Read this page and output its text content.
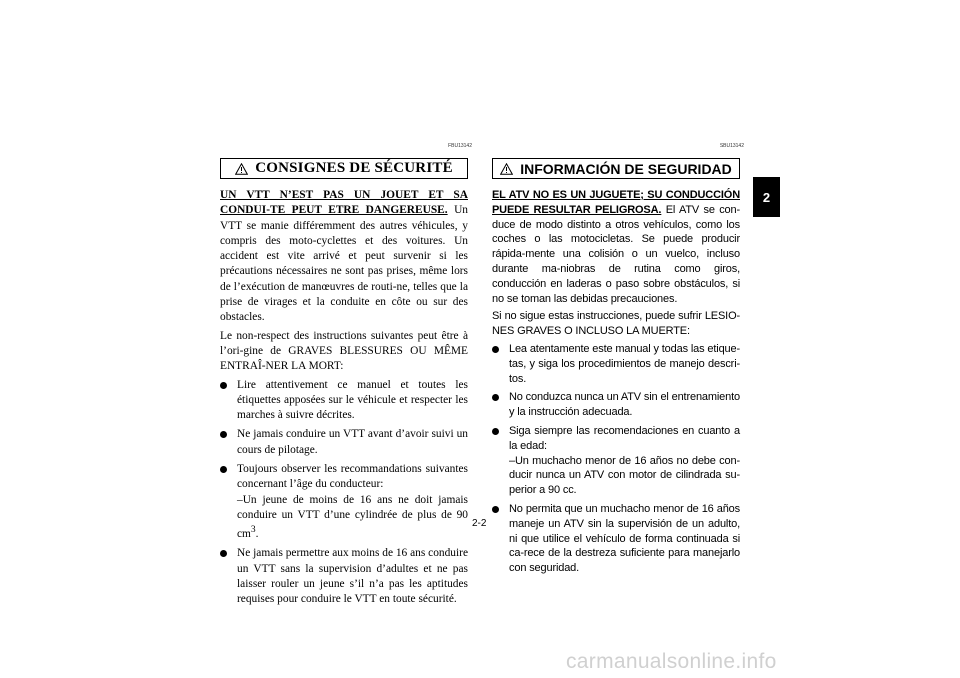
FBU13142
CONSIGNES DE SÉCURITÉ

UN VTT N’EST PAS UN JOUET ET SA CONDUI-TE PEUT ETRE DANGEREUSE. Un VTT se manie différemment des autres véhicules, y compris des moto-cyclettes et des voitures. Un accident est vite arrivé et peut survenir si les précautions nécessaires ne sont pas prises, même lors de l’exécution de manœuvres de routi-ne, telles que la prise de virages et la conduite en côte ou sur des obstacles.

Le non-respect des instructions suivantes peut être à l’ori-gine de GRAVES BLESSURES OU MÊME ENTRAÎ-NER LA MORT:

Lire attentivement ce manuel et toutes les étiquettes apposées sur le véhicule et respecter les marches à suivre décrites.
Ne jamais conduire un VTT avant d’avoir suivi un cours de pilotage.
Toujours observer les recommandations suivantes concernant l’âge du conducteur:
–Un jeune de moins de 16 ans ne doit jamais conduire un VTT d’une cylindrée de plus de 90 $cm^3$.
Ne jamais permettre aux moins de 16 ans conduire un VTT sans la supervision d’adultes et ne pas laisser rouler un jeune s’il n’a pas les aptitudes requises pour conduire le VTT en toute sécurité.
SBU13142
INFORMACIÓN DE SEGURIDAD

EL ATV NO ES UN JUGUETE; SU CONDUCCIÓN PUEDE RESULTAR PELIGROSA. El ATV se con-duce de modo distinto a otros vehículos, como los coches o las motocicletas. Se puede producir rápida-mente una colisión o un vuelco, incluso durante ma-niobras de rutina como giros, conducción en laderas o paso sobre obstáculos, si no se toman las debidas precauciones.

Si no sigue estas instrucciones, puede sufrir LESIO-NES GRAVES O INCLUSO LA MUERTE:

Lea atentamente este manual y todas las etique-tas, y siga los procedimientos de manejo descri-tos.
No conduzca nunca un ATV sin el entrenamiento y la instrucción adecuada.
Siga siempre las recomendaciones en cuanto a la edad:
–Un muchacho menor de 16 años no debe con-ducir nunca un ATV con motor de cilindrada su-perior a 90 cc.
No permita que un muchacho menor de 16 años maneje un ATV sin la supervisión de un adulto, ni que utilice el vehículo de forma continuada si ca-rece de la destreza suficiente para manejarlo con seguridad.
2
2-2
carmanualsonline.info
